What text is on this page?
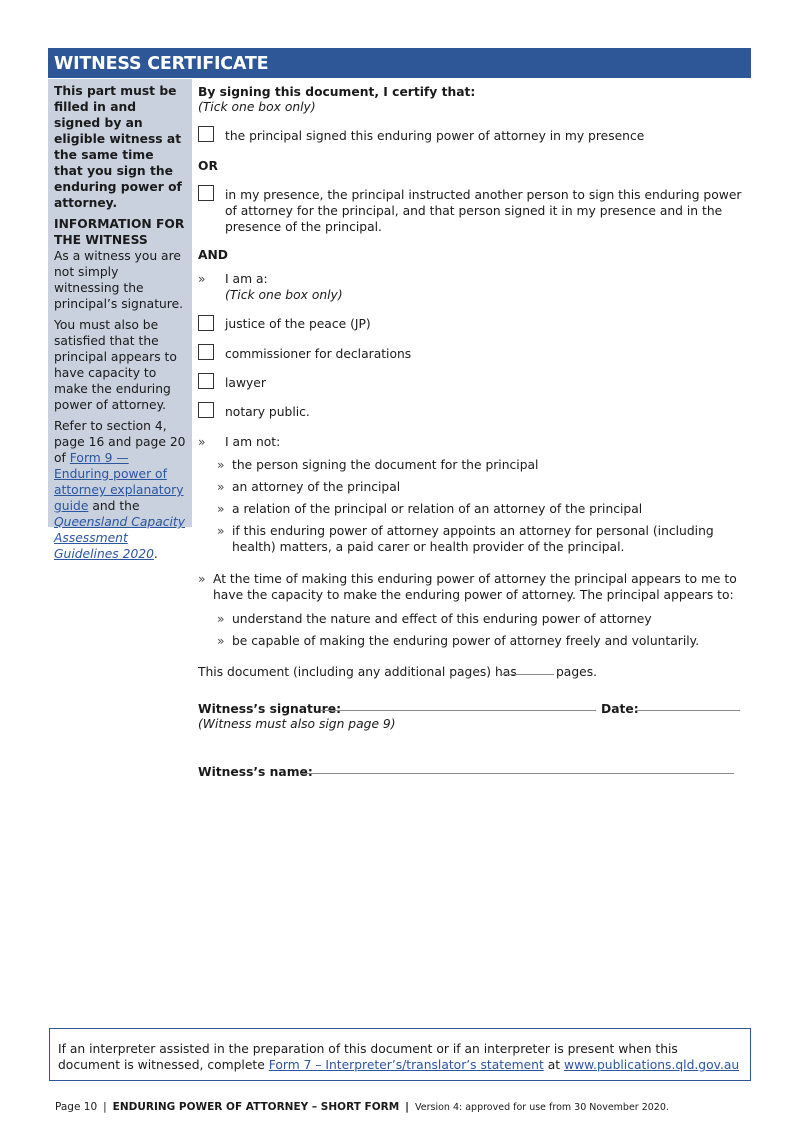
WITNESS CERTIFICATE

This part must be filled in and signed by an eligible witness at the same time that you sign the enduring power of attorney.

INFORMATION FOR THE WITNESS

As a witness you are not simply witnessing the principal’s signature.

You must also be satisfied that the principal appears to have capacity to make the enduring power of attorney.

Refer to section 4, page 16 and page 20 of Form 9 — Enduring power of attorney explanatory guide and the Queensland Capacity Assessment Guidelines 2020.

By signing this document, I certify that:
(Tick one box only)
the principal signed this enduring power of attorney in my presence
OR
in my presence, the principal instructed another person to sign this enduring power of attorney for the principal, and that person signed it in my presence and in the presence of the principal.
AND
» I am a:
(Tick one box only)
justice of the peace (JP)
commissioner for declarations
lawyer
notary public.
» I am not:
» the person signing the document for the principal
» an attorney of the principal
» a relation of the principal or relation of an attorney of the principal
» if this enduring power of attorney appoints an attorney for personal (including health) matters, a paid carer or health provider of the principal.
» At the time of making this enduring power of attorney the principal appears to me to have the capacity to make the enduring power of attorney. The principal appears to:
» understand the nature and effect of this enduring power of attorney
» be capable of making the enduring power of attorney freely and voluntarily.
This document (including any additional pages) has	pages.
Witness’s signature:	Date:
(Witness must also sign page 9)
Witness’s name:
If an interpreter assisted in the preparation of this document or if an interpreter is present when this document is witnessed, complete Form 7 – Interpreter’s/translator’s statement at www.publications.qld.gov.au
Page 10 | ENDURING POWER OF ATTORNEY – SHORT FORM | Version 4: approved for use from 30 November 2020.
